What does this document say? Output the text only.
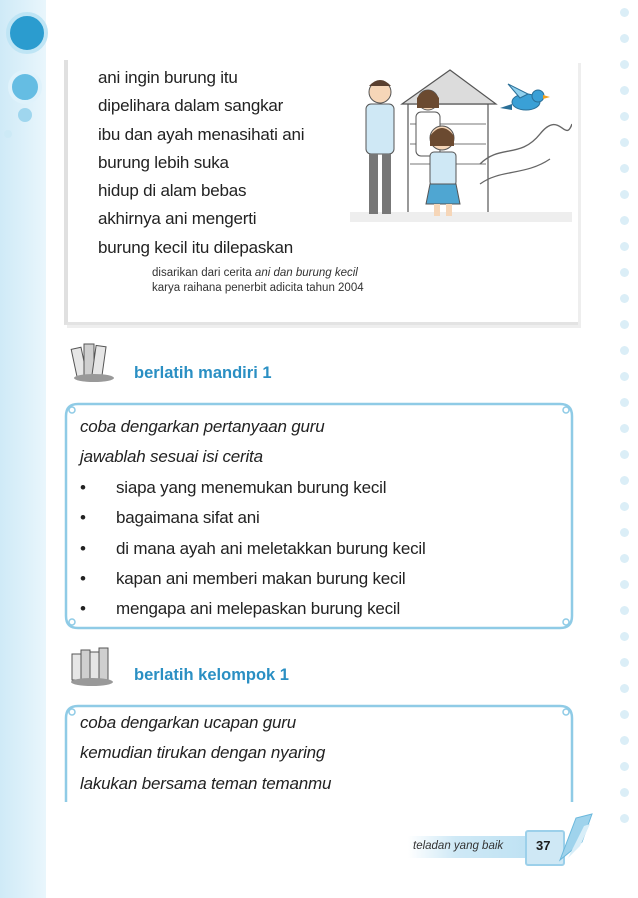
ani ingin burung itu
dipelihara dalam sangkar
ibu dan ayah menasihati ani
burung lebih suka
hidup di alam bebas
akhirnya ani mengerti
burung kecil itu dilepaskan
disarikan dari cerita ani dan burung kecil
karya raihana penerbit adicita tahun 2004
berlatih mandiri 1
coba dengarkan pertanyaan guru
jawablah sesuai isi cerita
• siapa yang menemukan burung kecil
• bagaimana sifat ani
• di mana ayah ani meletakkan burung kecil
• kapan ani memberi makan burung kecil
• mengapa ani melepaskan burung kecil
berlatih kelompok 1
coba dengarkan ucapan guru
kemudian tirukan dengan nyaring
lakukan bersama teman temanmu
teladan yang baik	37
